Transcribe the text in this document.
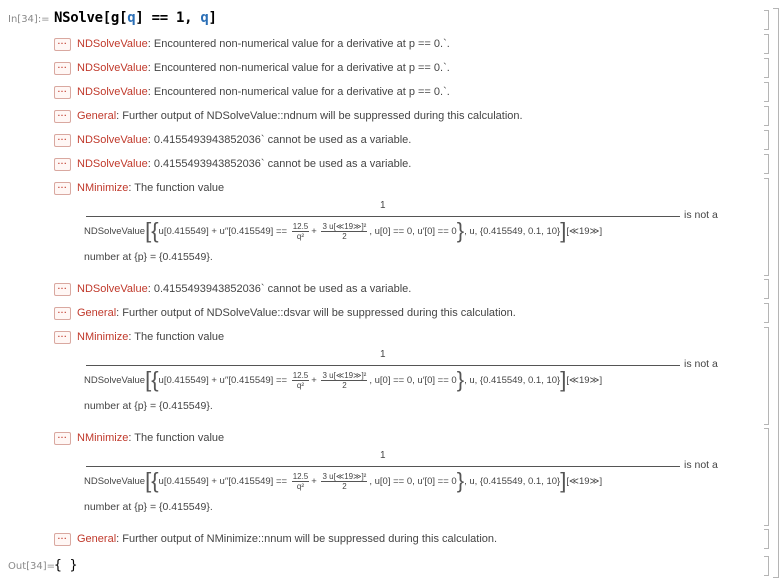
In[34]:= NSolve[g[q] == 1, q]
··· NDSolveValue: Encountered non-numerical value for a derivative at p == 0.`.
··· NDSolveValue: Encountered non-numerical value for a derivative at p == 0.`.
··· NDSolveValue: Encountered non-numerical value for a derivative at p == 0.`.
··· General: Further output of NDSolveValue::ndnum will be suppressed during this calculation.
··· NDSolveValue: 0.4155493943852036` cannot be used as a variable.
··· NDSolveValue: 0.4155493943852036` cannot be used as a variable.
··· NMinimize: The function value
1
is not a
NDSolveValue[{u[0.415549] + $u''[0.415549] == \frac{12.5}{\text{q²}} + \frac{\text{3 u[≪19≫]²}}{2}$ , u[0] == 0, u′[0] == 0}, u, {0.415549, 0.1, 10}][≪19≫]
number at {p} = {0.415549}.
··· NDSolveValue: 0.4155493943852036` cannot be used as a variable.
··· General: Further output of NDSolveValue::dsvar will be suppressed during this calculation.
··· NMinimize: The function value
1
is not a
NDSolveValue[{u[0.415549] + $u''[0.415549] == \frac{12.5}{\text{q²}} + \frac{\text{3 u[≪19≫]²}}{2}$ , u[0] == 0, u′[0] == 0}, u, {0.415549, 0.1, 10}][≪19≫]
number at {p} = {0.415549}.
··· NMinimize: The function value
1
is not a
NDSolveValue[{u[0.415549] + $u''[0.415549] == \frac{12.5}{\text{q²}} + \frac{\text{3 u[≪19≫]²}}{2}$ , u[0] == 0, u′[0] == 0}, u, {0.415549, 0.1, 10}][≪19≫]
number at {p} = {0.415549}.
··· General: Further output of NMinimize::nnum will be suppressed during this calculation.
Out[34]=
{ }
